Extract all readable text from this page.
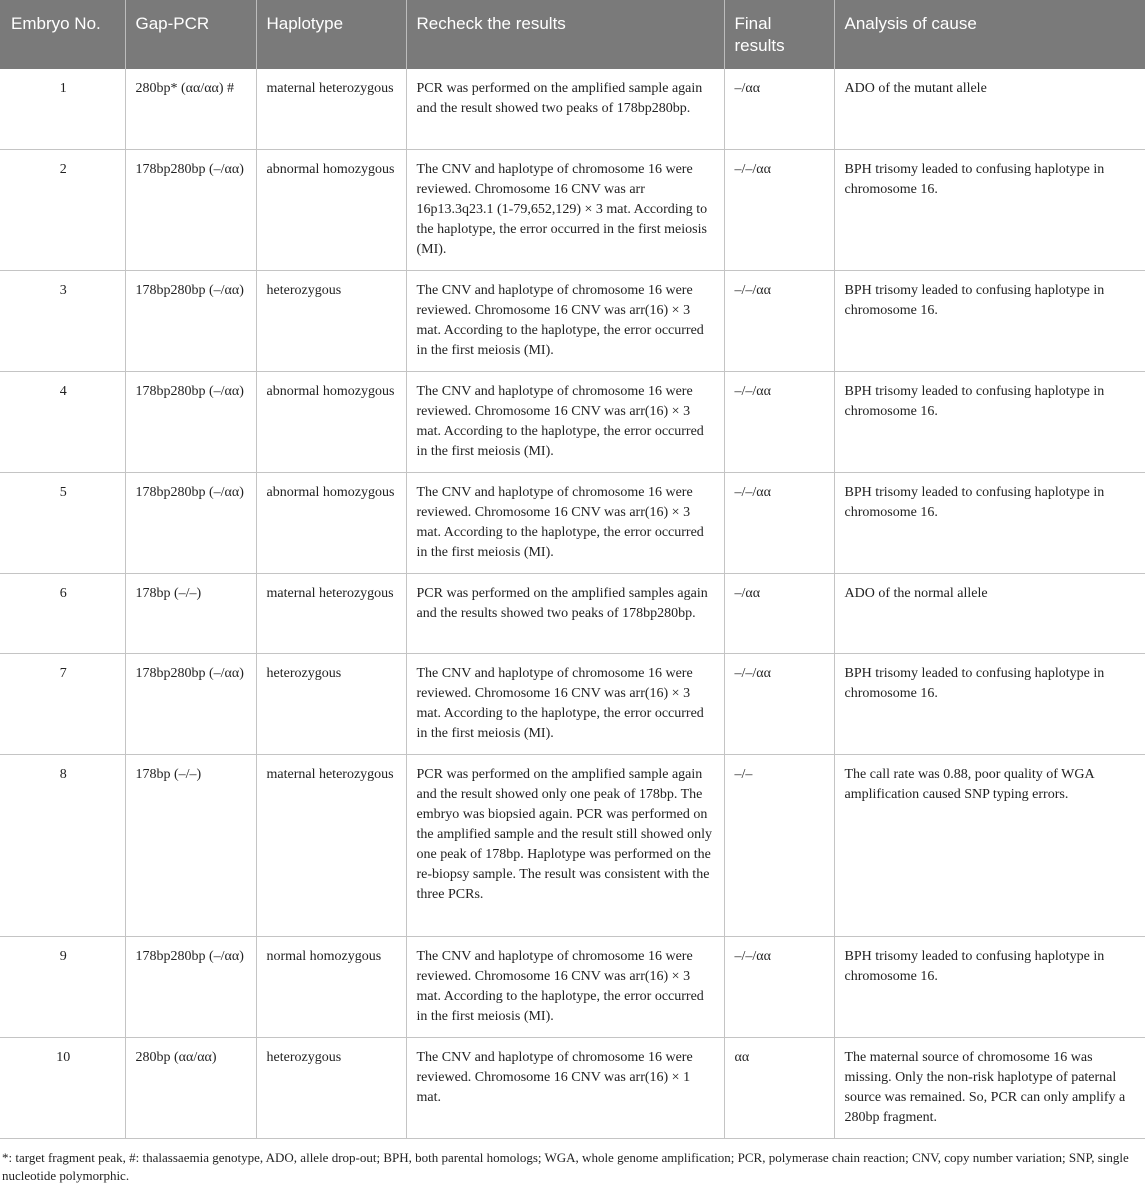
Embryo No.	Gap-PCR	Haplotype	Recheck the results	Final results	Analysis of cause
1	280bp* (αα/αα) #	maternal heterozygous	PCR was performed on the amplified sample again and the result showed two peaks of 178bp280bp.	–/αα	ADO of the mutant allele
2	178bp280bp (–/αα)	abnormal homozygous	The CNV and haplotype of chromosome 16 were reviewed. Chromosome 16 CNV was arr 16p13.3q23.1 (1-79,652,129) × 3 mat. According to the haplotype, the error occurred in the first meiosis (MI).	–/–/αα	BPH trisomy leaded to confusing haplotype in chromosome 16.
3	178bp280bp (–/αα)	heterozygous	The CNV and haplotype of chromosome 16 were reviewed. Chromosome 16 CNV was arr(16) × 3 mat. According to the haplotype, the error occurred in the first meiosis (MI).	–/–/αα	BPH trisomy leaded to confusing haplotype in chromosome 16.
4	178bp280bp (–/αα)	abnormal homozygous	The CNV and haplotype of chromosome 16 were reviewed. Chromosome 16 CNV was arr(16) × 3 mat. According to the haplotype, the error occurred in the first meiosis (MI).	–/–/αα	BPH trisomy leaded to confusing haplotype in chromosome 16.
5	178bp280bp (–/αα)	abnormal homozygous	The CNV and haplotype of chromosome 16 were reviewed. Chromosome 16 CNV was arr(16) × 3 mat. According to the haplotype, the error occurred in the first meiosis (MI).	–/–/αα	BPH trisomy leaded to confusing haplotype in chromosome 16.
6	178bp (–/–)	maternal heterozygous	PCR was performed on the amplified samples again and the results showed two peaks of 178bp280bp.	–/αα	ADO of the normal allele
7	178bp280bp (–/αα)	heterozygous	The CNV and haplotype of chromosome 16 were reviewed. Chromosome 16 CNV was arr(16) × 3 mat. According to the haplotype, the error occurred in the first meiosis (MI).	–/–/αα	BPH trisomy leaded to confusing haplotype in chromosome 16.
8	178bp (–/–)	maternal heterozygous	PCR was performed on the amplified sample again and the result showed only one peak of 178bp. The embryo was biopsied again. PCR was performed on the amplified sample and the result still showed only one peak of 178bp. Haplotype was performed on the re-biopsy sample. The result was consistent with the three PCRs.	–/–	The call rate was 0.88, poor quality of WGA amplification caused SNP typing errors.
9	178bp280bp (–/αα)	normal homozygous	The CNV and haplotype of chromosome 16 were reviewed. Chromosome 16 CNV was arr(16) × 3 mat. According to the haplotype, the error occurred in the first meiosis (MI).	–/–/αα	BPH trisomy leaded to confusing haplotype in chromosome 16.
10	280bp (αα/αα)	heterozygous	The CNV and haplotype of chromosome 16 were reviewed. Chromosome 16 CNV was arr(16) × 1 mat.	αα	The maternal source of chromosome 16 was missing. Only the non-risk haplotype of paternal source was remained. So, PCR can only amplify a 280bp fragment.
*: target fragment peak, #: thalassaemia genotype, ADO, allele drop-out; BPH, both parental homologs; WGA, whole genome amplification; PCR, polymerase chain reaction; CNV, copy number variation; SNP, single nucleotide polymorphic.
